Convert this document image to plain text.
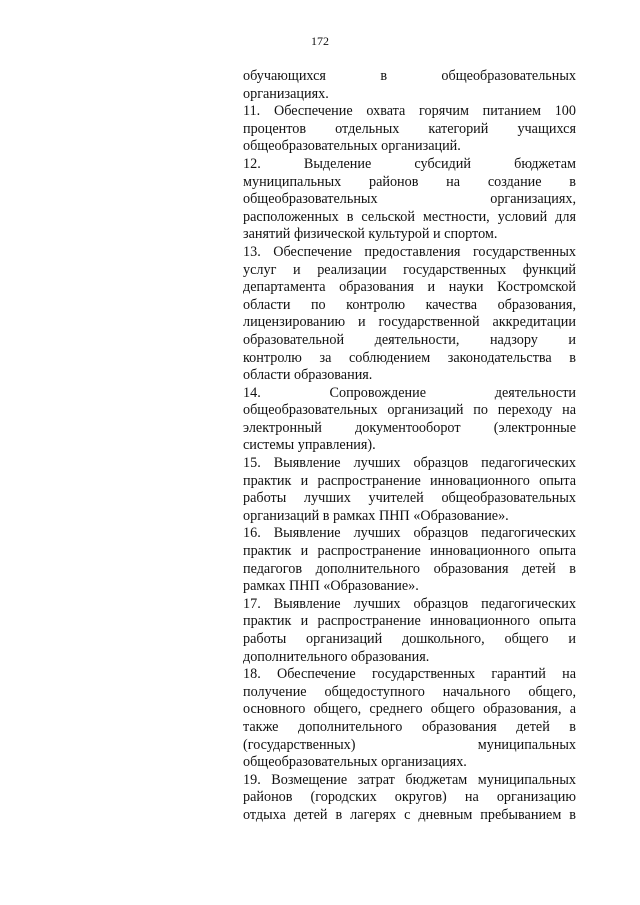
172
обучающихся в общеобразовательных
организациях.
11. Обеспечение охвата горячим питанием 100
процентов отдельных категорий учащихся
общеобразовательных организаций.
12. Выделение субсидий бюджетам
муниципальных районов на создание в
общеобразовательных организациях,
расположенных в сельской местности, условий для
занятий физической культурой и спортом.
13. Обеспечение предоставления государственных
услуг и реализации государственных функций
департамента образования и науки Костромской
области по контролю качества образования,
лицензированию и государственной аккредитации
образовательной деятельности, надзору и
контролю за соблюдением законодательства в
области образования.
14. Сопровождение деятельности
общеобразовательных организаций по переходу на
электронный документооборот (электронные
системы управления).
15. Выявление лучших образцов педагогических
практик и распространение инновационного опыта
работы лучших учителей общеобразовательных
организаций в рамках ПНП «Образование».
16. Выявление лучших образцов педагогических
практик и распространение инновационного опыта
педагогов дополнительного образования детей в
рамках ПНП «Образование».
17. Выявление лучших образцов педагогических
практик и распространение инновационного опыта
работы организаций дошкольного, общего и
дополнительного образования.
18. Обеспечение государственных гарантий на
получение общедоступного начального общего,
основного общего, среднего общего образования, а
также дополнительного образования детей в
(государственных) муниципальных
общеобразовательных организациях.
19. Возмещение затрат бюджетам муниципальных
районов (городских округов) на организацию
отдыха детей в лагерях с дневным пребыванием в
